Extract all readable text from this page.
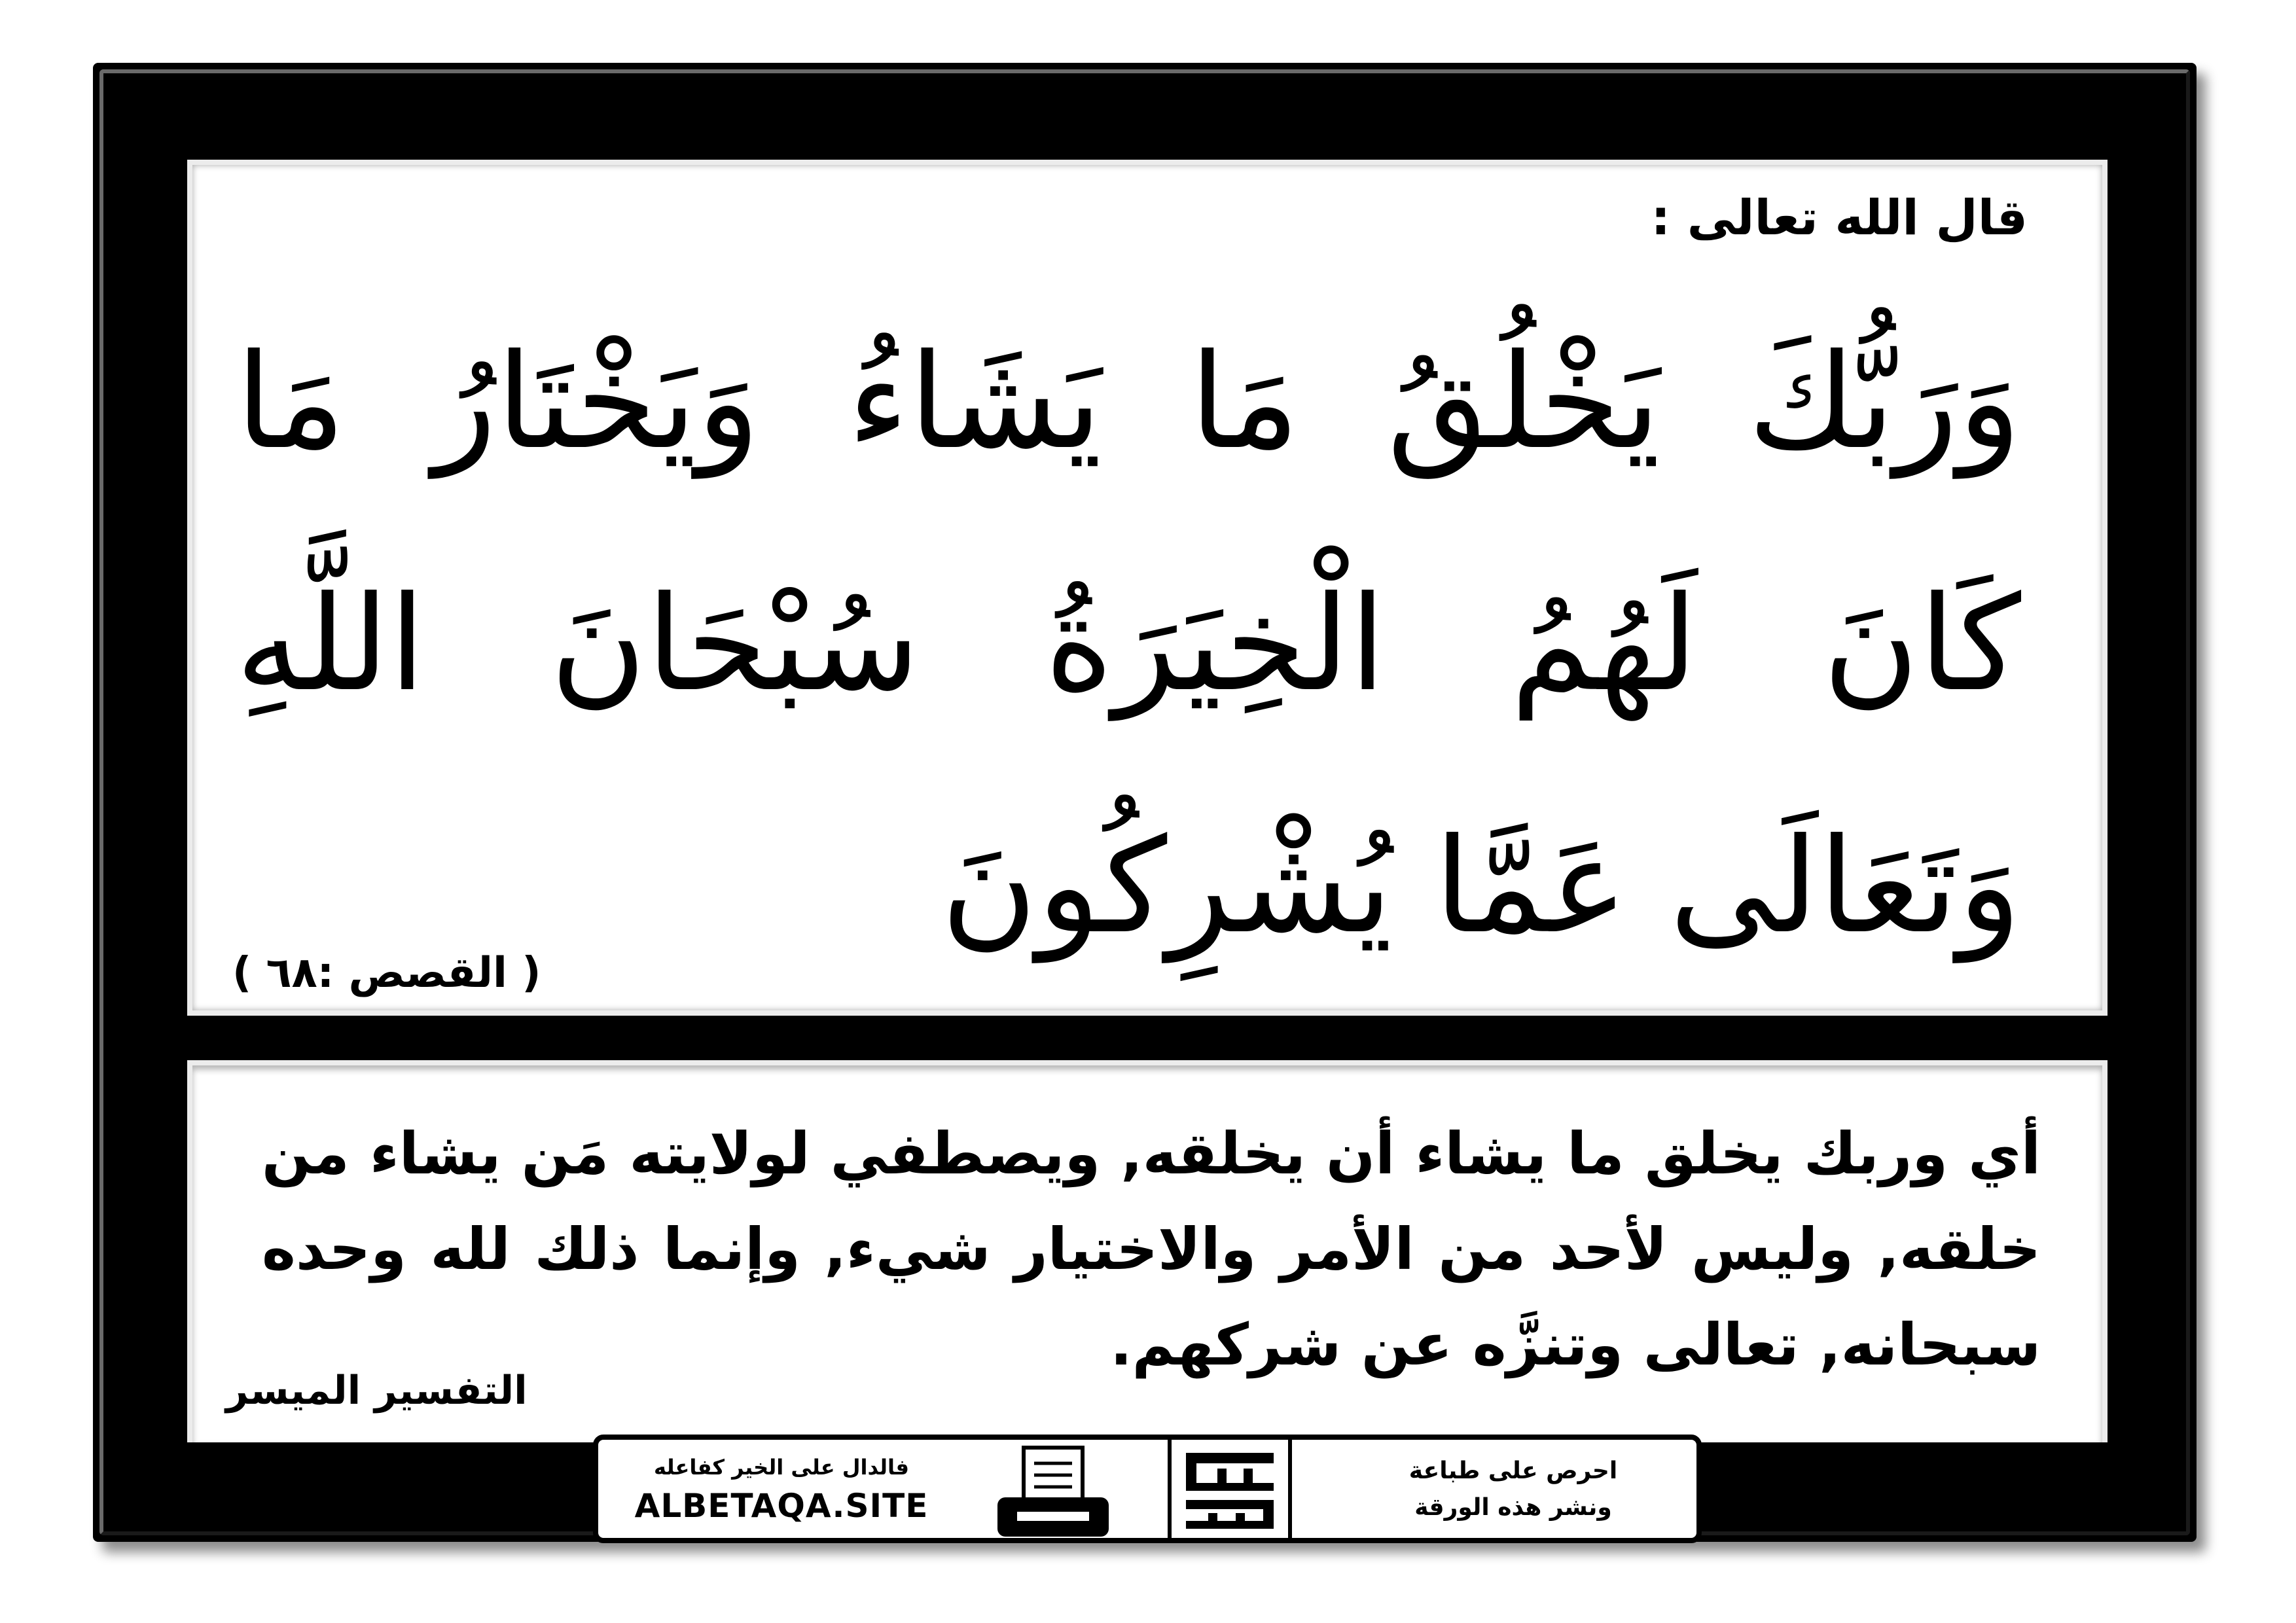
قال الله تعالى :
وَرَبُّكَ يَخْلُقُ مَا يَشَاءُ وَيَخْتَارُ مَا كَانَ لَهُمُ الْخِيَرَةُ سُبْحَانَ اللَّهِ وَتَعَالَى عَمَّا يُشْرِكُونَ
( القصص :٦٨ )
أي وربك يخلق ما يشاء أن يخلقه, ويصطفي لولايته مَن يشاء من خلقه, وليس لأحد من الأمر والاختيار شيء, وإنما ذلك لله وحده سبحانه, تعالى وتنزَّه عن شركهم.
التفسير الميسر
فالدال على الخير كفاعله
ALBETAQA.SITE
احرص على طباعة
ونشر هذه الورقة
